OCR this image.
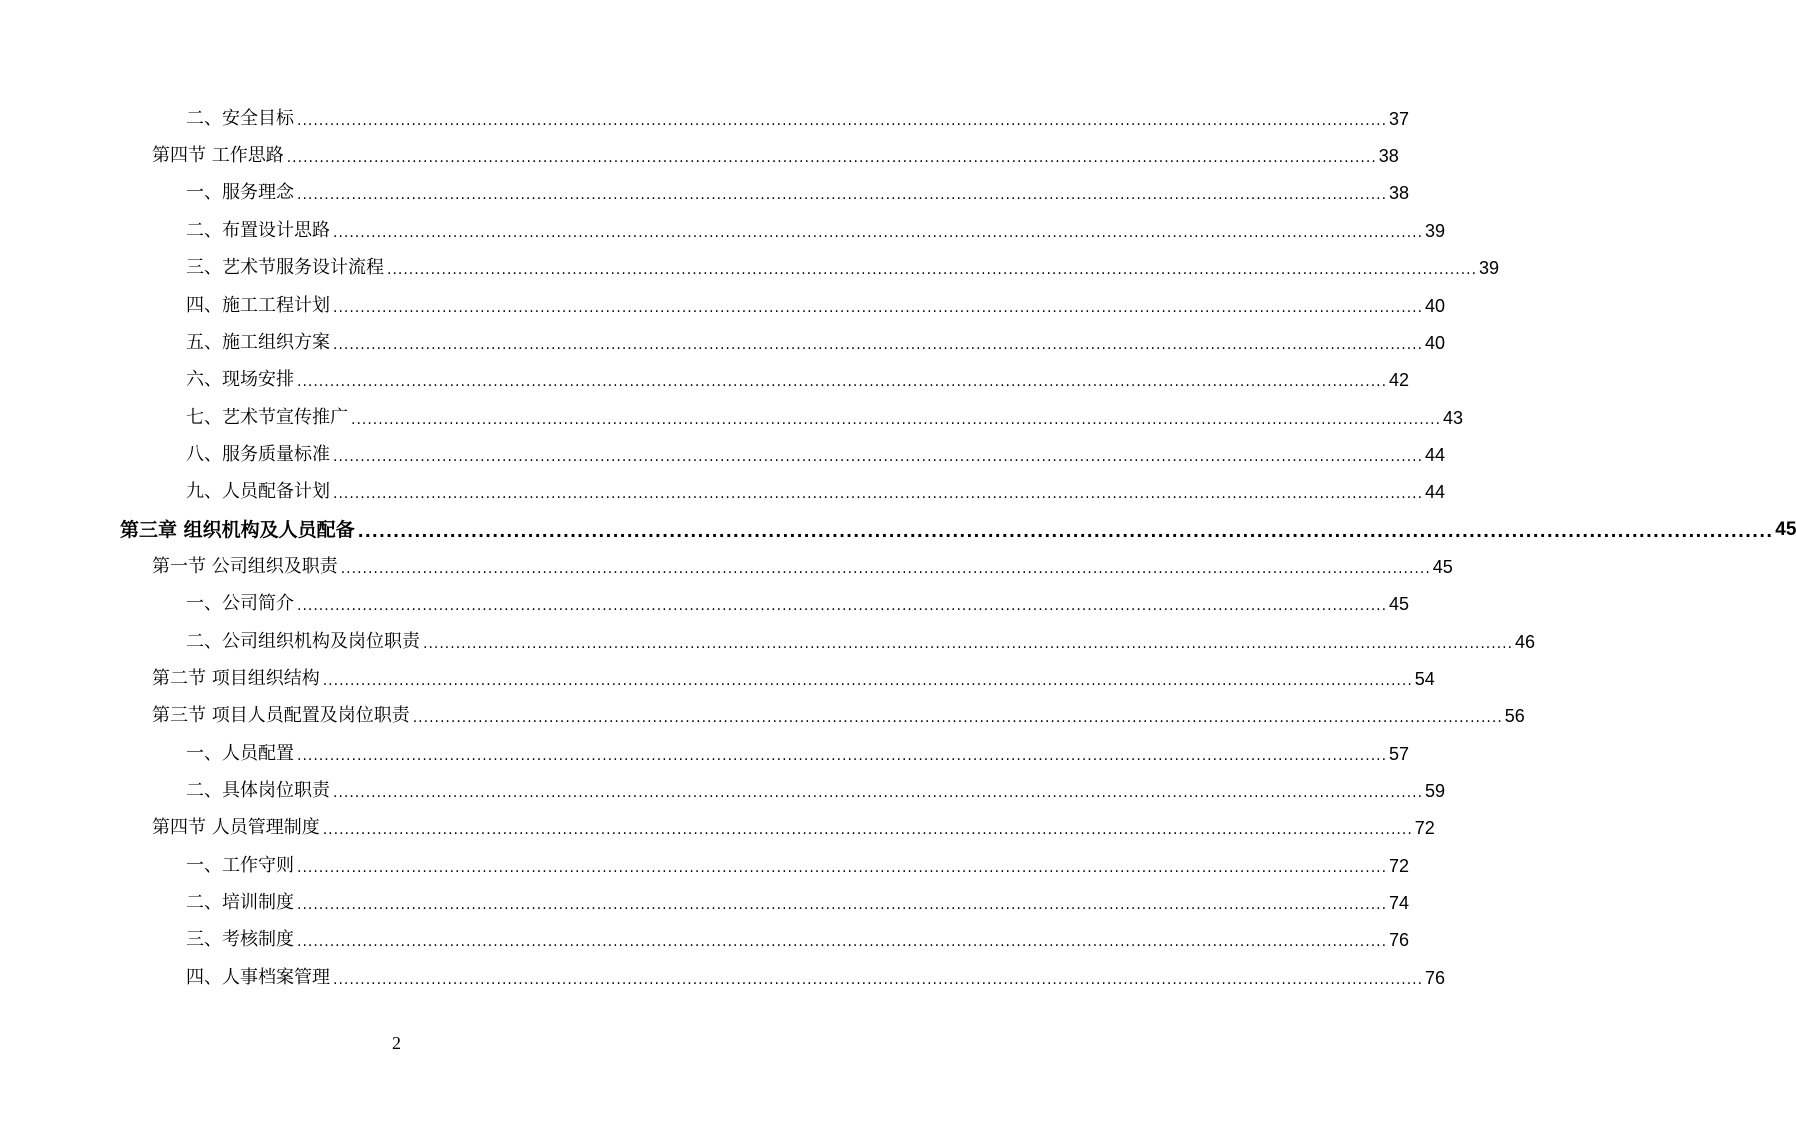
二、安全目标 ........................................................................................................................................................................................................ 37
第四节 工作思路 ........................................................................................................................................................................................................ 38
一、服务理念 ........................................................................................................................................................................................................ 38
二、布置设计思路 ........................................................................................................................................................................................................ 39
三、艺术节服务设计流程 ........................................................................................................................................................................................................ 39
四、施工工程计划 ........................................................................................................................................................................................................ 40
五、施工组织方案 ........................................................................................................................................................................................................ 40
六、现场安排 ........................................................................................................................................................................................................ 42
七、艺术节宣传推广 ........................................................................................................................................................................................................ 43
八、服务质量标准 ........................................................................................................................................................................................................ 44
九、人员配备计划 ........................................................................................................................................................................................................ 44
第三章 组织机构及人员配备 ........................................................................................................................................................................................................ 45
第一节 公司组织及职责 ........................................................................................................................................................................................................ 45
一、公司简介 ........................................................................................................................................................................................................ 45
二、公司组织机构及岗位职责 ........................................................................................................................................................................................................ 46
第二节 项目组织结构 ........................................................................................................................................................................................................ 54
第三节 项目人员配置及岗位职责 ........................................................................................................................................................................................................ 56
一、人员配置 ........................................................................................................................................................................................................ 57
二、具体岗位职责 ........................................................................................................................................................................................................ 59
第四节 人员管理制度 ........................................................................................................................................................................................................ 72
一、工作守则 ........................................................................................................................................................................................................ 72
二、培训制度 ........................................................................................................................................................................................................ 74
三、考核制度 ........................................................................................................................................................................................................ 76
四、人事档案管理 ........................................................................................................................................................................................................ 76
2
